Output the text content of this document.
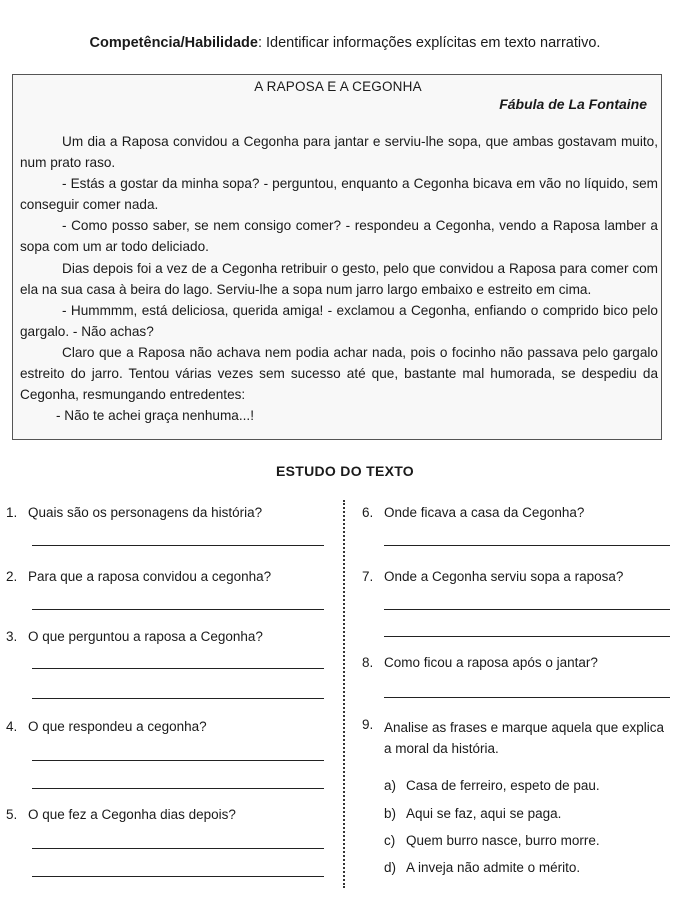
Competência/Habilidade: Identificar informações explícitas em texto narrativo.
A RAPOSA E A CEGONHA
Fábula de La Fontaine

Um dia a Raposa convidou a Cegonha para jantar e serviu-lhe sopa, que ambas gostavam muito, num prato raso.

- Estás a gostar da minha sopa? - perguntou, enquanto a Cegonha bicava em vão no líquido, sem conseguir comer nada.

- Como posso saber, se nem consigo comer? - respondeu a Cegonha, vendo a Raposa lamber a sopa com um ar todo deliciado.

Dias depois foi a vez de a Cegonha retribuir o gesto, pelo que convidou a Raposa para comer com ela na sua casa à beira do lago. Serviu-lhe a sopa num jarro largo embaixo e estreito em cima.

- Hummmm, está deliciosa, querida amiga! - exclamou a Cegonha, enfiando o comprido bico pelo gargalo. - Não achas?

Claro que a Raposa não achava nem podia achar nada, pois o focinho não passava pelo gargalo estreito do jarro. Tentou várias vezes sem sucesso até que, bastante mal humorada, se despediu da Cegonha, resmungando entredentes:

- Não te achei graça nenhuma...!

ESTUDO DO TEXTO
1. Quais são os personagens da história?
2. Para que a raposa convidou a cegonha?
3. O que perguntou a raposa a Cegonha?
4. O que respondeu a cegonha?
5. O que fez a Cegonha dias depois?
6. Onde ficava a casa da Cegonha?
7. Onde a Cegonha serviu sopa a raposa?
8. Como ficou a raposa após o jantar?
9. Analise as frases e marque aquela que explica a moral da história.
a) Casa de ferreiro, espeto de pau.
b) Aqui se faz, aqui se paga.
c) Quem burro nasce, burro morre.
d) A inveja não admite o mérito.
